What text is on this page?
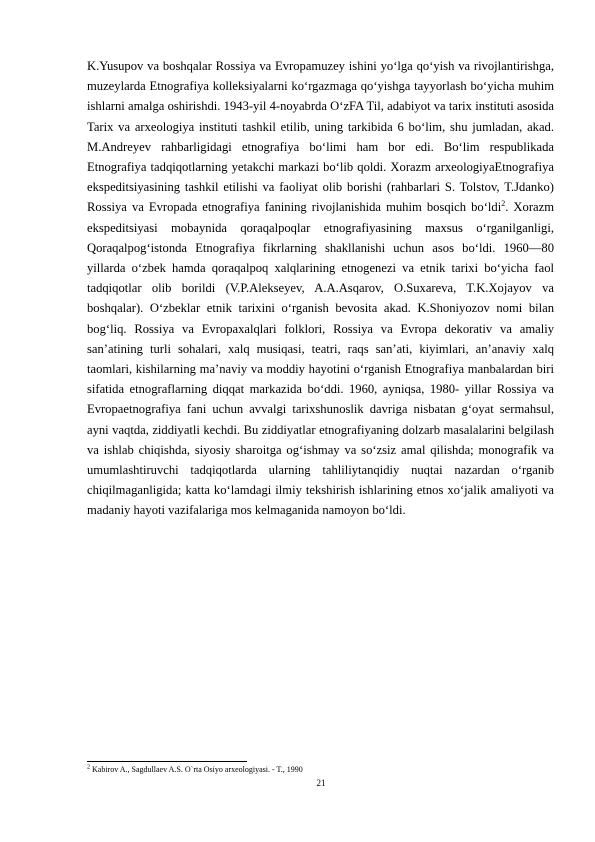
K.Yusupov va boshqalar Rossiya va Evropamuzey ishini yo‘lga qo‘yish va rivojlantirishga, muzeylarda Etnografiya kolleksiyalarni ko‘rgazmaga qo‘yishga tayyorlash bo‘yicha muhim ishlarni amalga oshirishdi. 1943-yil 4-noyabrda O‘zFA Til, adabiyot va tarix instituti asosida Tarix va arxeologiya instituti tashkil etilib, uning tarkibida 6 bo‘lim, shu jumladan, akad. M.Andreyev rahbarligidagi etnografiya bo‘limi ham bor edi. Bo‘lim respublikada Etnografiya tadqiqotlarning yetakchi markazi bo‘lib qoldi. Xorazm arxeologiyaEtnografiya ekspeditsiyasining tashkil etilishi va faoliyat olib borishi (rahbarlari S. Tolstov, T.Jdanko) Rossiya va Evropada etnografiya fanining rivojlanishida muhim bosqich bo‘ldi$^2$. Xorazm ekspeditsiyasi mobaynida qoraqalpoqlar etnografiyasining maxsus o‘rganilganligi, Qoraqalpog‘istonda Etnografiya fikrlarning shakllanishi uchun asos bo‘ldi. 1960—80 yillarda o‘zbek hamda qoraqalpoq xalqlarining etnogenezi va etnik tarixi bo‘yicha faol tadqiqotlar olib borildi (V.P.Alekseyev, A.A.Asqarov, O.Suxareva, T.K.Xojayov va boshqalar). O‘zbeklar etnik tarixini o‘rganish bevosita akad. K.Shoniyozov nomi bilan bog‘liq. Rossiya va Evropaxalqlari folklori, Rossiya va Evropa dekorativ va amaliy san’atining turli sohalari, xalq musiqasi, teatri, raqs san’ati, kiyimlari, an’anaviy xalq taomlari, kishilarning ma’naviy va moddiy hayotini o‘rganish Etnografiya manbalardan biri sifatida etnograflarning diqqat markazida bo‘ddi. 1960, ayniqsa, 1980- yillar Rossiya va Evropaetnografiya fani uchun avvalgi tarixshunoslik davriga nisbatan g‘oyat sermahsul, ayni vaqtda, ziddiyatli kechdi. Bu ziddiyatlar etnografiyaning dolzarb masalalarini belgilash va ishlab chiqishda, siyosiy sharoitga og‘ishmay va so‘zsiz amal qilishda; monografik va umumlashtiruvchi tadqiqotlarda ularning tahliliytanqidiy nuqtai nazardan o‘rganib chiqilmaganligida; katta ko‘lamdagi ilmiy tekshirish ishlarining etnos xo‘jalik amaliyoti va madaniy hayoti vazifalariga mos kelmaganida namoyon bo‘ldi.

$^2$ Kabirov A., Sagdullaev A.S. O`rta Osiyo arxeologiyasi. - T., 1990

21
